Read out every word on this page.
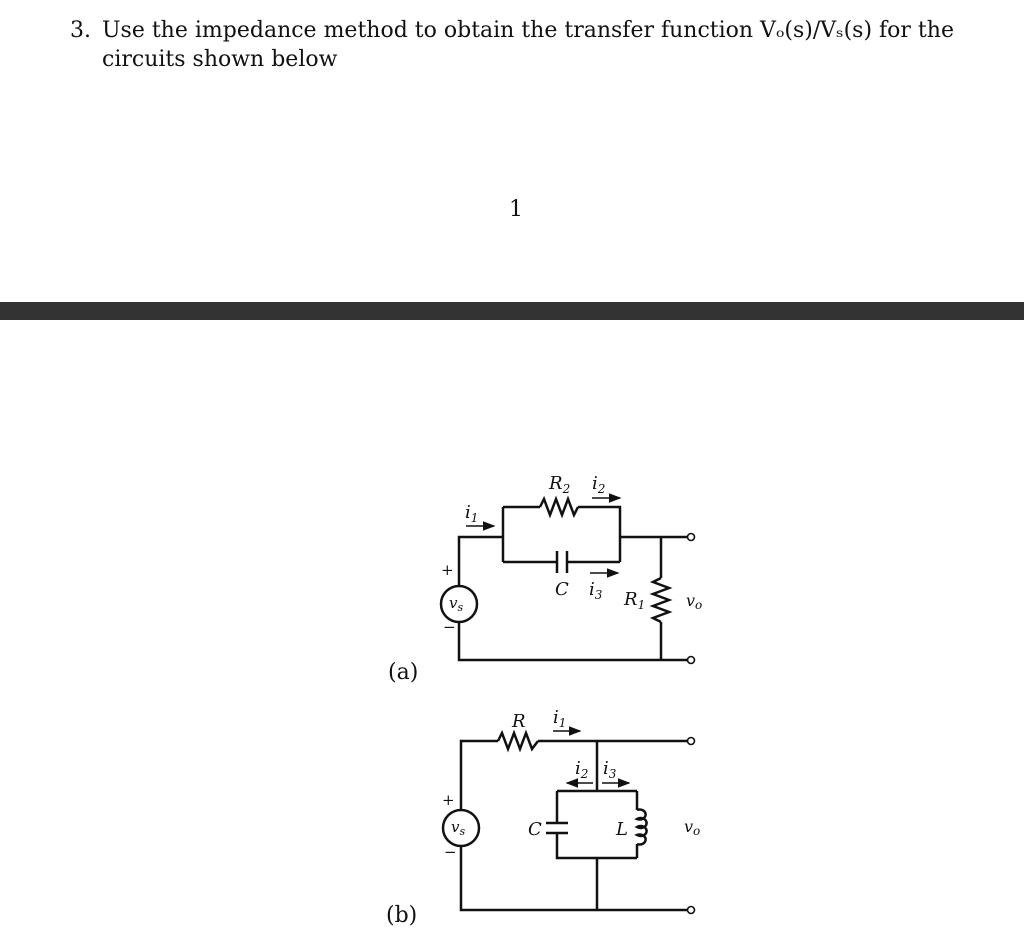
3. Use the impedance method to obtain the transfer function Vₒ(s)/Vₛ(s) for the circuits shown below
1
(a)
(b)
+
−
$v_s$
$i_1$
$R_2$ $i_2$
C $i_3$ $R_1$	vo
+
−
$v_s$
R $i_1$
$i_2$ $i_3$
C	L	vo
